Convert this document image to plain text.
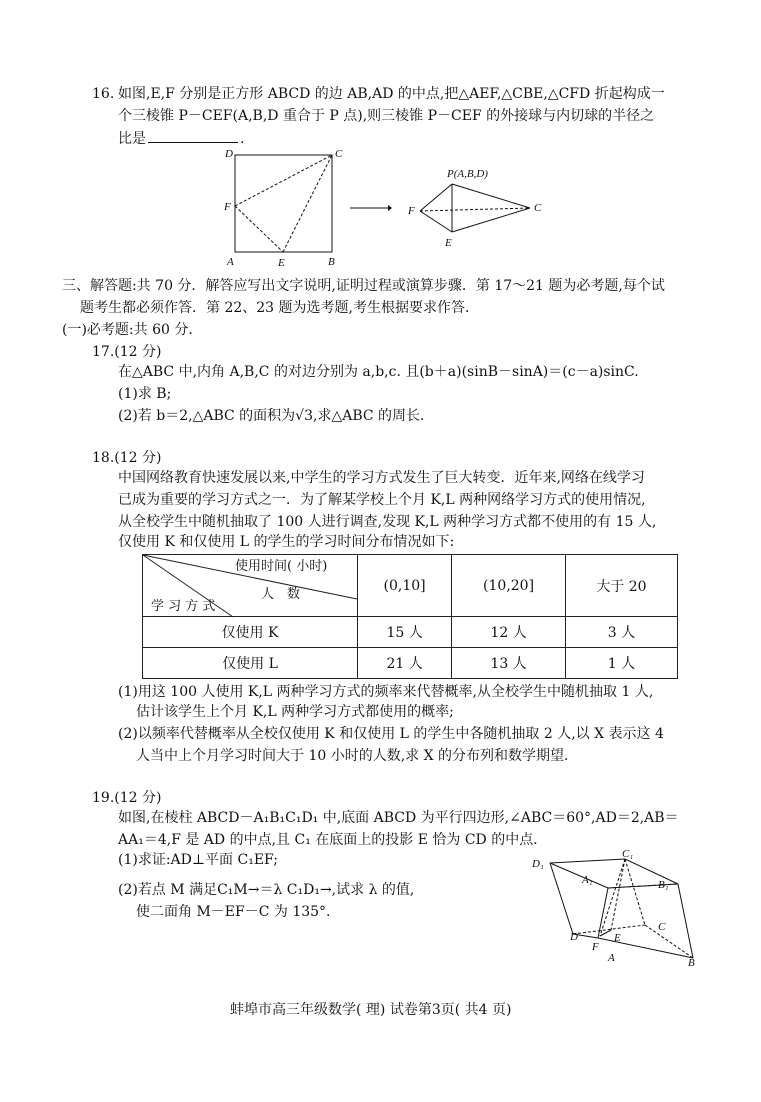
16. 如图,E,F 分别是正方形 ABCD 的边 AB,AD 的中点,把△AEF,△CBE,△CFD 折起构成一
个三棱锥 P－CEF(A,B,D 重合于 P 点),则三棱锥 P－CEF 的外接球与内切球的半径之
比是	.
D	C
F
A	E	B
P(A,B,D)
F	C
E
三、解答题:共 70 分．解答应写出文字说明,证明过程或演算步骤．第 17～21 题为必考题,每个试
题考生都必须作答．第 22、23 题为选考题,考生根据要求作答．
(一)必考题:共 60 分．
17.(12 分)
在△ABC 中,内角 A,B,C 的对边分别为 a,b,c. 且(b＋a)(sinB－sinA)＝(c－a)sinC.
(1)求 B;
(2)若 b＝2,△ABC 的面积为√3,求△ABC 的周长．
18.(12 分)
中国网络教育快速发展以来,中学生的学习方式发生了巨大转变．近年来,网络在线学习
已成为重要的学习方式之一．为了解某学校上个月 K,L 两种网络学习方式的使用情况,
从全校学生中随机抽取了 100 人进行调查,发现 K,L 两种学习方式都不使用的有 15 人,
仅使用 K 和仅使用 L 的学生的学习时间分布情况如下:
使用时间( 小时)
人　数
学 习 方 式	(0,10]	(10,20]	大于 20
仅使用 K	15 人	12 人	3 人
仅使用 L	21 人	13 人	1 人
(1)用这 100 人使用 K,L 两种学习方式的频率来代替概率,从全校学生中随机抽取 1 人,
估计该学生上个月 K,L 两种学习方式都使用的概率;
(2)以频率代替概率从全校仅使用 K 和仅使用 L 的学生中各随机抽取 2 人,以 X 表示这 4
人当中上个月学习时间大于 10 小时的人数,求 X 的分布列和数学期望．
19.(12 分)
如图,在棱柱 ABCD－A₁B₁C₁D₁ 中,底面 ABCD 为平行四边形,∠ABC＝60°,AD＝2,AB＝
AA₁＝4,F 是 AD 的中点,且 C₁ 在底面上的投影 E 恰为 CD 的中点．
(1)求证:AD⊥平面 C₁EF;
(2)若点 M 满足C₁M→＝λ C₁D₁→,试求 λ 的值,
使二面角 M－EF－C 为 135°.
D₁
C₁
A₁	B₁
D
C
E
F
A	B
蚌埠市高三年级数学( 理) 试卷第3页( 共4 页)
